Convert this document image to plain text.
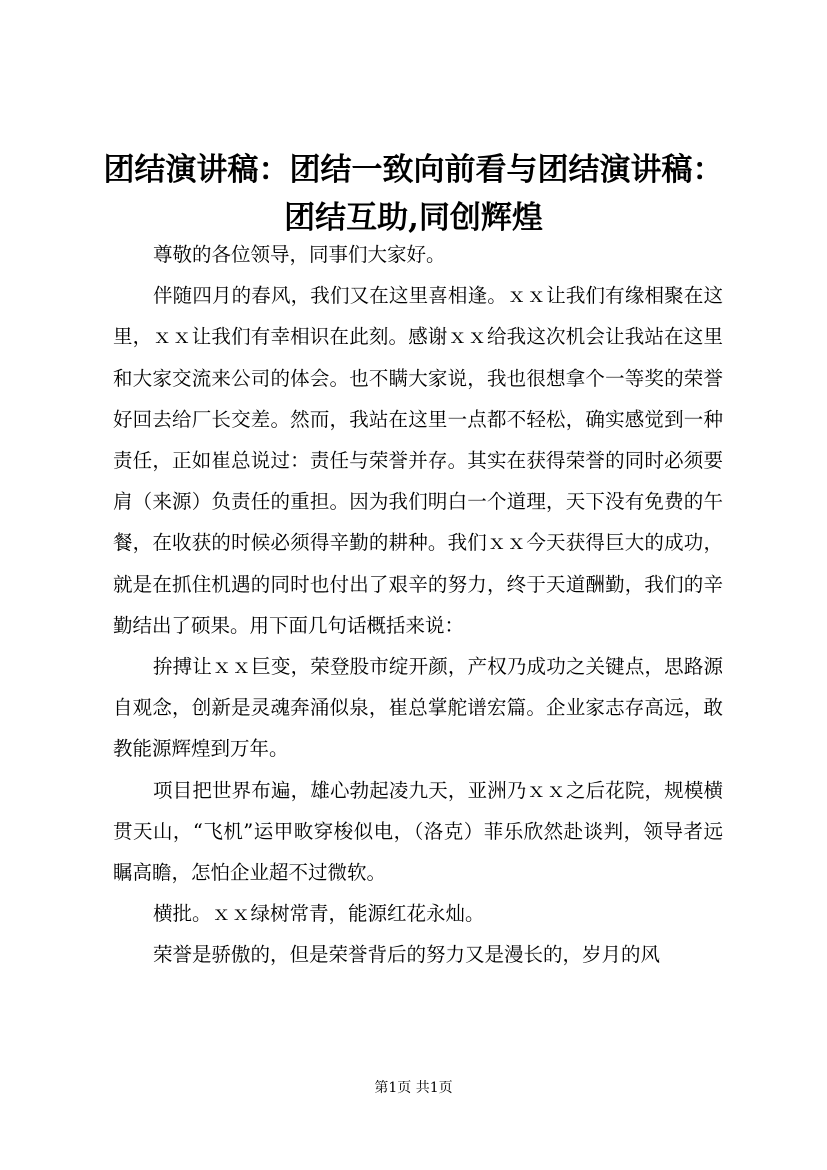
团结演讲稿：团结一致向前看与团结演讲稿：
团结互助,同创辉煌

尊敬的各位领导，同事们大家好。

伴随四月的春风，我们又在这里喜相逢。ｘｘ让我们有缘相聚在这里，ｘｘ让我们有幸相识在此刻。感谢ｘｘ给我这次机会让我站在这里和大家交流来公司的体会。也不瞒大家说，我也很想拿个一等奖的荣誉好回去给厂长交差。然而，我站在这里一点都不轻松，确实感觉到一种责任，正如崔总说过：责任与荣誉并存。其实在获得荣誉的同时必须要肩（来源）负责任的重担。因为我们明白一个道理，天下没有免费的午餐，在收获的时候必须得辛勤的耕种。我们ｘｘ今天获得巨大的成功，就是在抓住机遇的同时也付出了艰辛的努力，终于天道酬勤，我们的辛勤结出了硕果。用下面几句话概括来说：

拚搏让ｘｘ巨变，荣登股市绽开颜，产权乃成功之关键点，思路源自观念，创新是灵魂奔涌似泉，崔总掌舵谱宏篇。企业家志存高远，敢教能源辉煌到万年。

项目把世界布遍，雄心勃起凌九天，亚洲乃ｘｘ之后花院，规模横贯天山，“飞机”运甲畋穿梭似电，（洛克）菲乐欣然赴谈判，领导者远瞩高瞻，怎怕企业超不过微软。

横批。ｘｘ绿树常青，能源红花永灿。

荣誉是骄傲的，但是荣誉背后的努力又是漫长的，岁月的风

第1页 共1页
